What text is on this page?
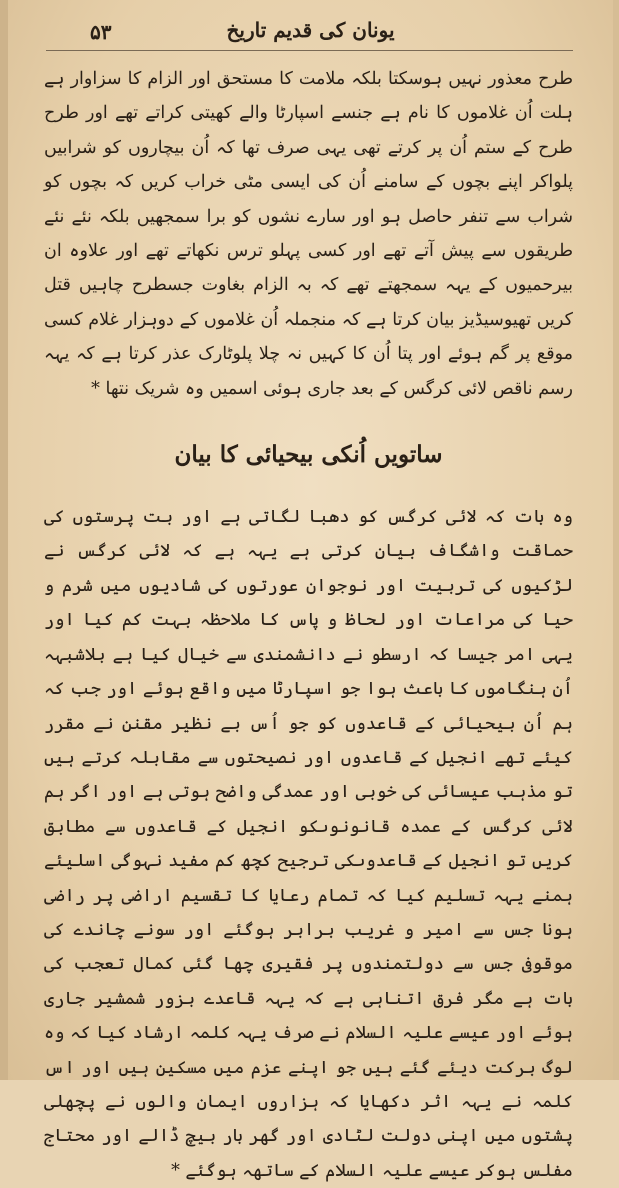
۵۳	یونان کی قدیم تاریخ

طرح معذور نہیں ہوسکتا بلکہ ملامت کا مستحق اور الزام کا سزاوار ہے ہلت اُن غلاموں کا نام ہے جنسے اسپارٹا والے کھیتی کراتے تھے اور طرح طرح کے ستم اُن پر کرتے تھی یہی صرف تھا کہ اُن بیچاروں کو شرابیں پلواکر اپنے بچوں کے سامنے اُن کی ایسی مٹی خراب کریں کہ بچوں کو شراب سے تنفر حاصل ہو اور سارے نشوں کو برا سمجھیں بلکہ نئے نئے طریقوں سے پیش آتے تھے اور کسی پہلو ترس نکھاتے تھے اور علاوہ ان بیرحمیوں کے یہہ سمجھتے تھے کہ بہ الزام بغاوت جسطرح چاہیں قتل کریں تھیوسیڈیز بیان کرتا ہے کہ منجملہ اُن غلاموں کے دوہزار غلام کسی موقع پر گم ہوئے اور پتا اُن کا کہیں نہ چلا پلوٹارک عذر کرتا ہے کہ یہہ رسم ناقص لائی کرگس کے بعد جاری ہوئی اسمیں وہ شریک نتھا *

ساتویں اُنکی بیحیائی کا بیان

وہ بات کہ لائی کرگس کو دھبا لگاتی ہے اور بت پرستوں کی حماقت واشگاف بیان کرتی ہے یہہ ہے کہ لائی کرگس نے لڑکیوں کی تربیت اور نوجوان عورتوں کی شادیوں میں شرم و حیا کی مراعات اور لحاظ و پاس کا ملاحظہ بہت کم کیا اور یہی امر جیسا کہ ارسطو نے دانشمندی سے خیال کیا ہے بلاشبہہ اُن ہنگاموں کا باعث ہوا جو اسپارٹا میں واقع ہوئے اور جب کہ ہم اُن بیحیائی کے قاعدوں کو جو اُس بے نظیر مقنن نے مقرر کیئے تھے انجیل کے قاعدوں اور نصیحتوں سے مقابلہ کرتے ہیں تو مذہب عیسائی کی خوبی اور عمدگی واضح ہوتی ہے اور اگر ہم لائی کرگس کے عمدہ قانونوںکو انجیل کے قاعدوں سے مطابق کریں تو انجیل کے قاعدوںکی ترجیح کچھ کم مفید نہوگی اسلیئے ہمنے یہہ تسلیم کیا کہ تمام رعایا کا تقسیم اراضی پر راضی ہونا جس سے امیر و غریب برابر ہوگئے اور سونے چاندے کی موقوفی جس سے دولتمندوں پر فقیری چھا گئی کمال تعجب کی بات ہے مگر فرق اتناہی ہے کہ یہہ قاعدے بزور شمشیر جاری ہوئے اور عیسے علیہ السلام نے صرف یہہ کلمہ ارشاد کیا کہ وہ لوگ برکت دیئے گئے ہیں جو اپنے عزم میں مسکین ہیں اور اس کلمہ نے یہہ اثر دکھایا کہ ہزاروں ایمان والوں نے پچھلی پشتوں میں اپنی دولت لٹادی اور گھر بار بیچ ڈالے اور محتاج مفلس ہوکر عیسے علیہ السلام کے ساتھہ ہوگئے *
